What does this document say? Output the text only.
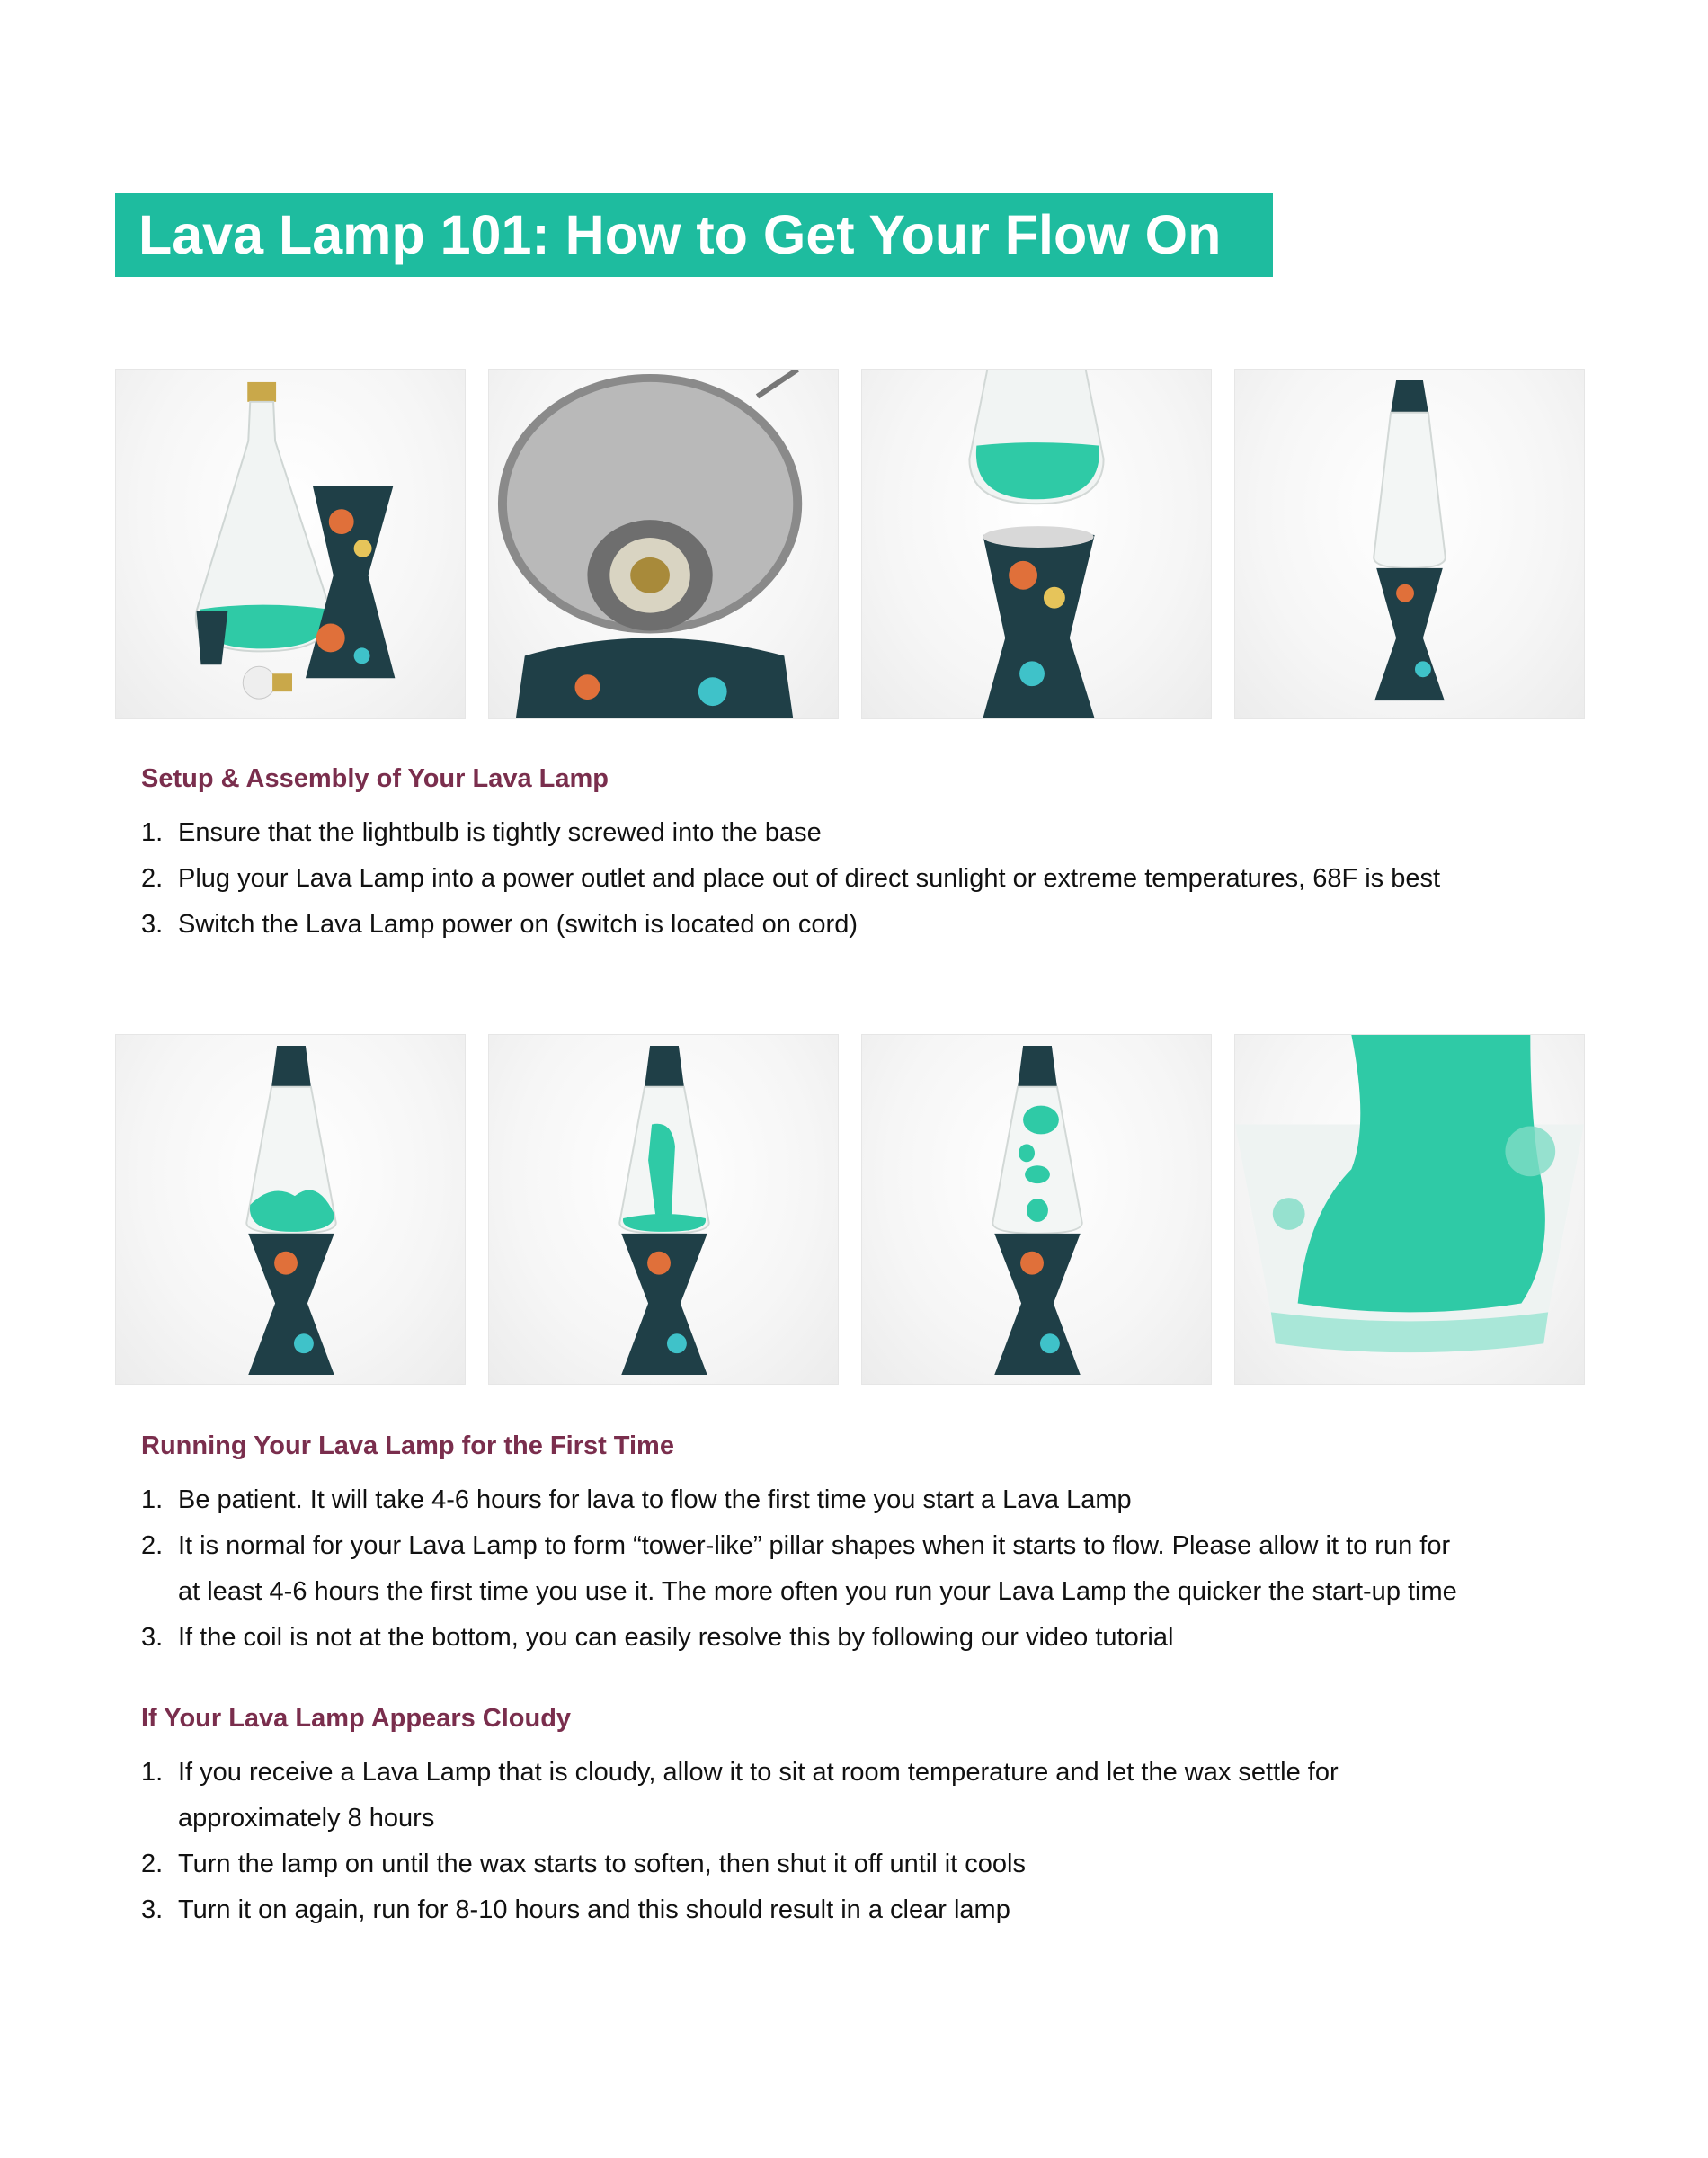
Lava Lamp 101: How to Get Your Flow On
Setup & Assembly of Your Lava Lamp
1. Ensure that the lightbulb is tightly screwed into the base
2. Plug your Lava Lamp into a power outlet and place out of direct sunlight or extreme temperatures, 68F is best
3. Switch the Lava Lamp power on (switch is located on cord)
Running Your Lava Lamp for the First Time
1. Be patient. It will take 4-6 hours for lava to flow the first time you start a Lava Lamp
2. It is normal for your Lava Lamp to form “tower-like” pillar shapes when it starts to flow. Please allow it to run for
at least 4-6 hours the first time you use it. The more often you run your Lava Lamp the quicker the start-up time
3. If the coil is not at the bottom, you can easily resolve this by following our video tutorial
If Your Lava Lamp Appears Cloudy
1. If you receive a Lava Lamp that is cloudy, allow it to sit at room temperature and let the wax settle for
approximately 8 hours
2. Turn the lamp on until the wax starts to soften, then shut it off until it cools
3. Turn it on again, run for 8-10 hours and this should result in a clear lamp
